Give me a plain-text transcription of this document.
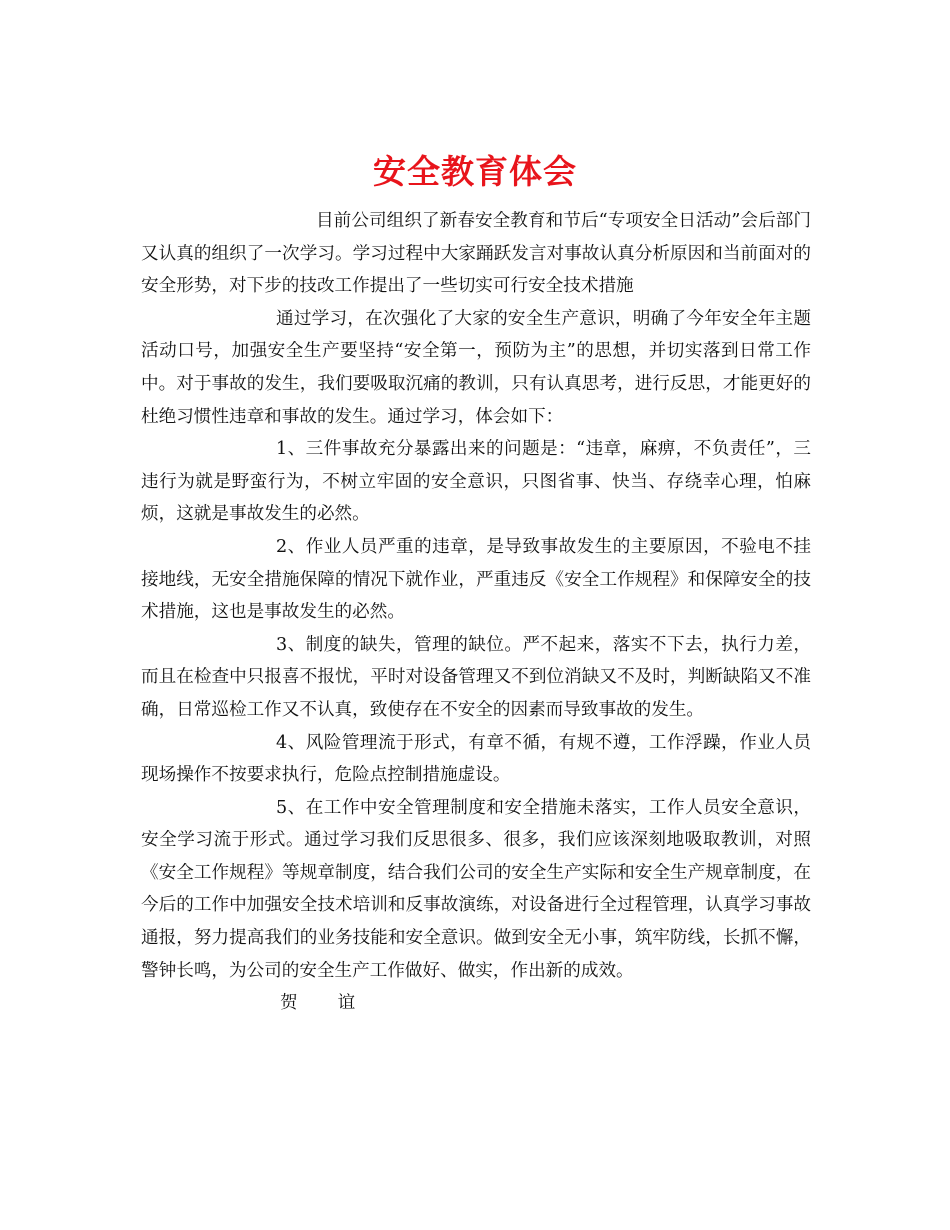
安全教育体会

目前公司组织了新春安全教育和节后“专项安全日活动”会后部门又认真的组织了一次学习。学习过程中大家踊跃发言对事故认真分析原因和当前面对的安全形势，对下步的技改工作提出了一些切实可行安全技术措施

通过学习，在次强化了大家的安全生产意识，明确了今年安全年主题活动口号，加强安全生产要坚持“安全第一，预防为主”的思想，并切实落到日常工作中。对于事故的发生，我们要吸取沉痛的教训，只有认真思考，进行反思，才能更好的杜绝习惯性违章和事故的发生。通过学习，体会如下：

1、三件事故充分暴露出来的问题是：“违章，麻痹，不负责任”，三违行为就是野蛮行为，不树立牢固的安全意识，只图省事、快当、存绕幸心理，怕麻烦，这就是事故发生的必然。

2、作业人员严重的违章，是导致事故发生的主要原因，不验电不挂接地线，无安全措施保障的情况下就作业，严重违反《安全工作规程》和保障安全的技术措施，这也是事故发生的必然。

3、制度的缺失，管理的缺位。严不起来，落实不下去，执行力差，而且在检查中只报喜不报忧，平时对设备管理又不到位消缺又不及时，判断缺陷又不准确，日常巡检工作又不认真，致使存在不安全的因素而导致事故的发生。

4、风险管理流于形式，有章不循，有规不遵，工作浮躁，作业人员现场操作不按要求执行，危险点控制措施虚设。

5、在工作中安全管理制度和安全措施未落实，工作人员安全意识，安全学习流于形式。通过学习我们反思很多、很多，我们应该深刻地吸取教训，对照《安全工作规程》等规章制度，结合我们公司的安全生产实际和安全生产规章制度，在今后的工作中加强安全技术培训和反事故演练，对设备进行全过程管理，认真学习事故通报，努力提高我们的业务技能和安全意识。做到安全无小事，筑牢防线，长抓不懈，警钟长鸣，为公司的安全生产工作做好、做实，作出新的成效。

贺 谊
